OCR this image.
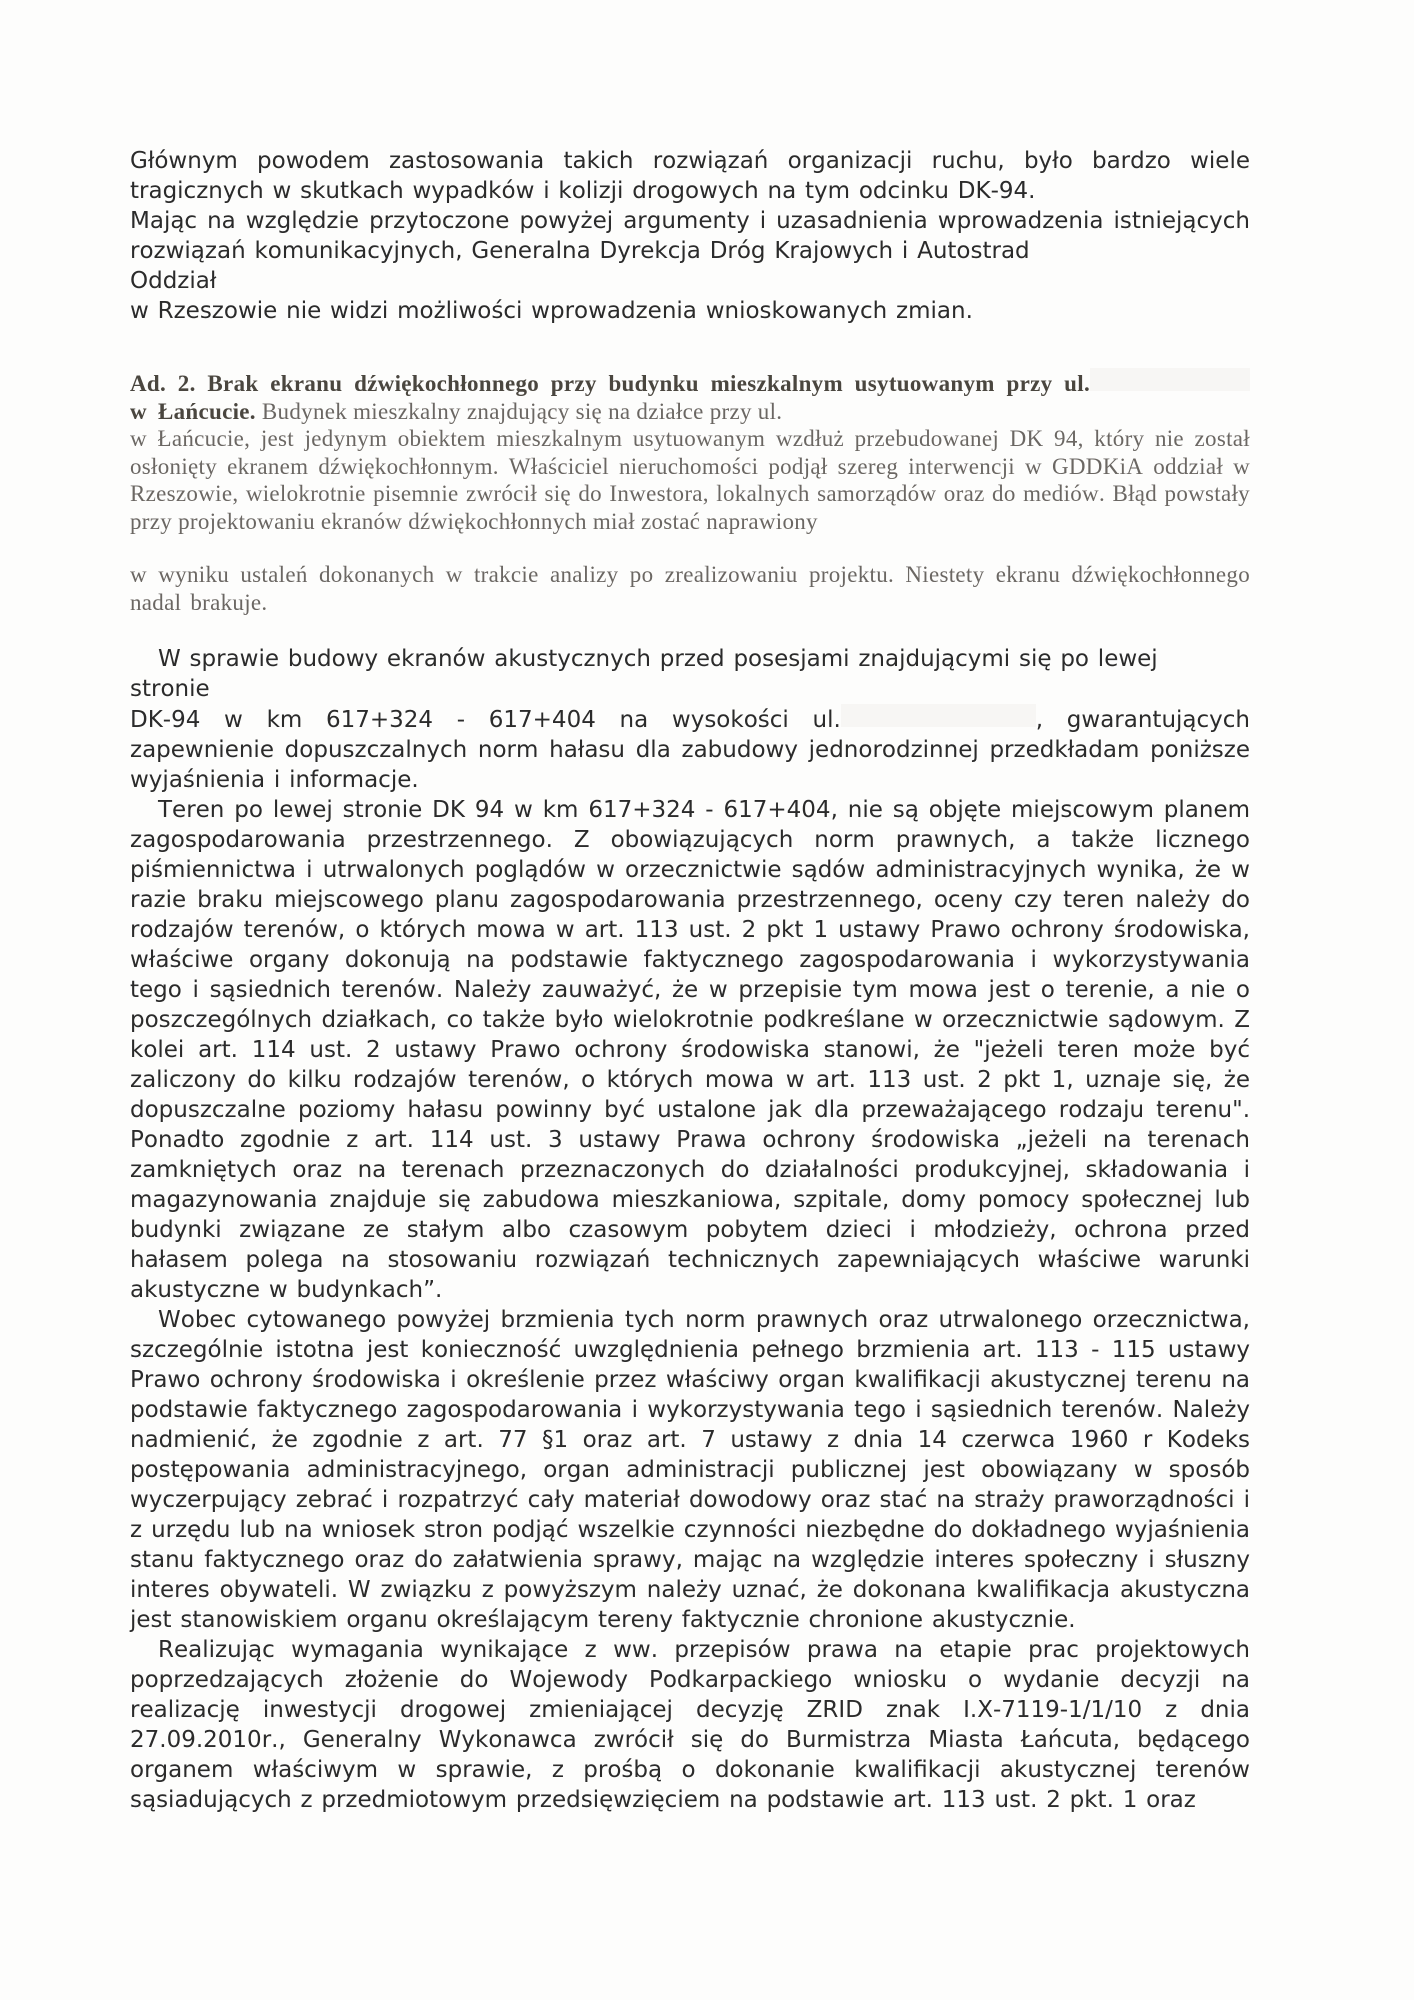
Głównym powodem zastosowania takich rozwiązań organizacji ruchu, było bardzo wiele tragicznych w skutkach wypadków i kolizji drogowych na tym odcinku DK-94.
Mając na względzie przytoczone powyżej argumenty i uzasadnienia wprowadzenia istniejących rozwiązań komunikacyjnych, Generalna Dyrekcja Dróg Krajowych i Autostrad
Oddział
w Rzeszowie nie widzi możliwości wprowadzenia wnioskowanych zmian.
Ad. 2. Brak ekranu dźwiękochłonnego przy budynku mieszkalnym usytuowanym przy ul.w Łańcucie. Budynek mieszkalny znajdujący się na działce przy ul.
w Łańcucie, jest jedynym obiektem mieszkalnym usytuowanym wzdłuż przebudowanej DK 94, który nie został osłonięty ekranem dźwiękochłonnym. Właściciel nieruchomości podjął szereg interwencji w GDDKiA oddział w Rzeszowie, wielokrotnie pisemnie zwrócił się do Inwestora, lokalnych samorządów oraz do mediów. Błąd powstały przy projektowaniu ekranów dźwiękochłonnych miał zostać naprawiony
w wyniku ustaleń dokonanych w trakcie analizy po zrealizowaniu projektu. Niestety ekranu dźwiękochłonnego nadal brakuje.
W sprawie budowy ekranów akustycznych przed posesjami znajdującymi się po lewej
stronie
DK-94 w km 617+324 - 617+404 na wysokości ul.	, gwarantujących zapewnienie dopuszczalnych norm hałasu dla zabudowy jednorodzinnej przedkładam poniższe wyjaśnienia i informacje.
Teren po lewej stronie DK 94 w km 617+324 - 617+404, nie są objęte miejscowym planem zagospodarowania przestrzennego. Z obowiązujących norm prawnych, a także licznego piśmiennictwa i utrwalonych poglądów w orzecznictwie sądów administracyjnych wynika, że w razie braku miejscowego planu zagospodarowania przestrzennego, oceny czy teren należy do rodzajów terenów, o których mowa w art. 113 ust. 2 pkt 1 ustawy Prawo ochrony środowiska, właściwe organy dokonują na podstawie faktycznego zagospodarowania i wykorzystywania tego i sąsiednich terenów. Należy zauważyć, że w przepisie tym mowa jest o terenie, a nie o poszczególnych działkach, co także było wielokrotnie podkreślane w orzecznictwie sądowym. Z kolei art. 114 ust. 2 ustawy Prawo ochrony środowiska stanowi, że "jeżeli teren może być zaliczony do kilku rodzajów terenów, o których mowa w art. 113 ust. 2 pkt 1, uznaje się, że dopuszczalne poziomy hałasu powinny być ustalone jak dla przeważającego rodzaju terenu". Ponadto zgodnie z art. 114 ust. 3 ustawy Prawa ochrony środowiska „jeżeli na terenach zamkniętych oraz na terenach przeznaczonych do działalności produkcyjnej, składowania i magazynowania znajduje się zabudowa mieszkaniowa, szpitale, domy pomocy społecznej lub budynki związane ze stałym albo czasowym pobytem dzieci i młodzieży, ochrona przed hałasem polega na stosowaniu rozwiązań technicznych zapewniających właściwe warunki akustyczne w budynkach”.
Wobec cytowanego powyżej brzmienia tych norm prawnych oraz utrwalonego orzecznictwa, szczególnie istotna jest konieczność uwzględnienia pełnego brzmienia art. 113 - 115 ustawy Prawo ochrony środowiska i określenie przez właściwy organ kwalifikacji akustycznej terenu na podstawie faktycznego zagospodarowania i wykorzystywania tego i sąsiednich terenów. Należy nadmienić, że zgodnie z art. 77 §1 oraz art. 7 ustawy z dnia 14 czerwca 1960 r Kodeks postępowania administracyjnego, organ administracji publicznej jest obowiązany w sposób wyczerpujący zebrać i rozpatrzyć cały materiał dowodowy oraz stać na straży praworządności i z urzędu lub na wniosek stron podjąć wszelkie czynności niezbędne do dokładnego wyjaśnienia stanu faktycznego oraz do załatwienia sprawy, mając na względzie interes społeczny i słuszny interes obywateli. W związku z powyższym należy uznać, że dokonana kwalifikacja akustyczna jest stanowiskiem organu określającym tereny faktycznie chronione akustycznie.
Realizując wymagania wynikające z ww. przepisów prawa na etapie prac projektowych poprzedzających złożenie do Wojewody Podkarpackiego wniosku o wydanie decyzji na realizację inwestycji drogowej zmieniającej decyzję ZRID znak I.X-7119-1/1/10 z dnia 27.09.2010r., Generalny Wykonawca zwrócił się do Burmistrza Miasta Łańcuta, będącego organem właściwym w sprawie, z prośbą o dokonanie kwalifikacji akustycznej terenów sąsiadujących z przedmiotowym przedsięwzięciem na podstawie art. 113 ust. 2 pkt. 1 oraz
